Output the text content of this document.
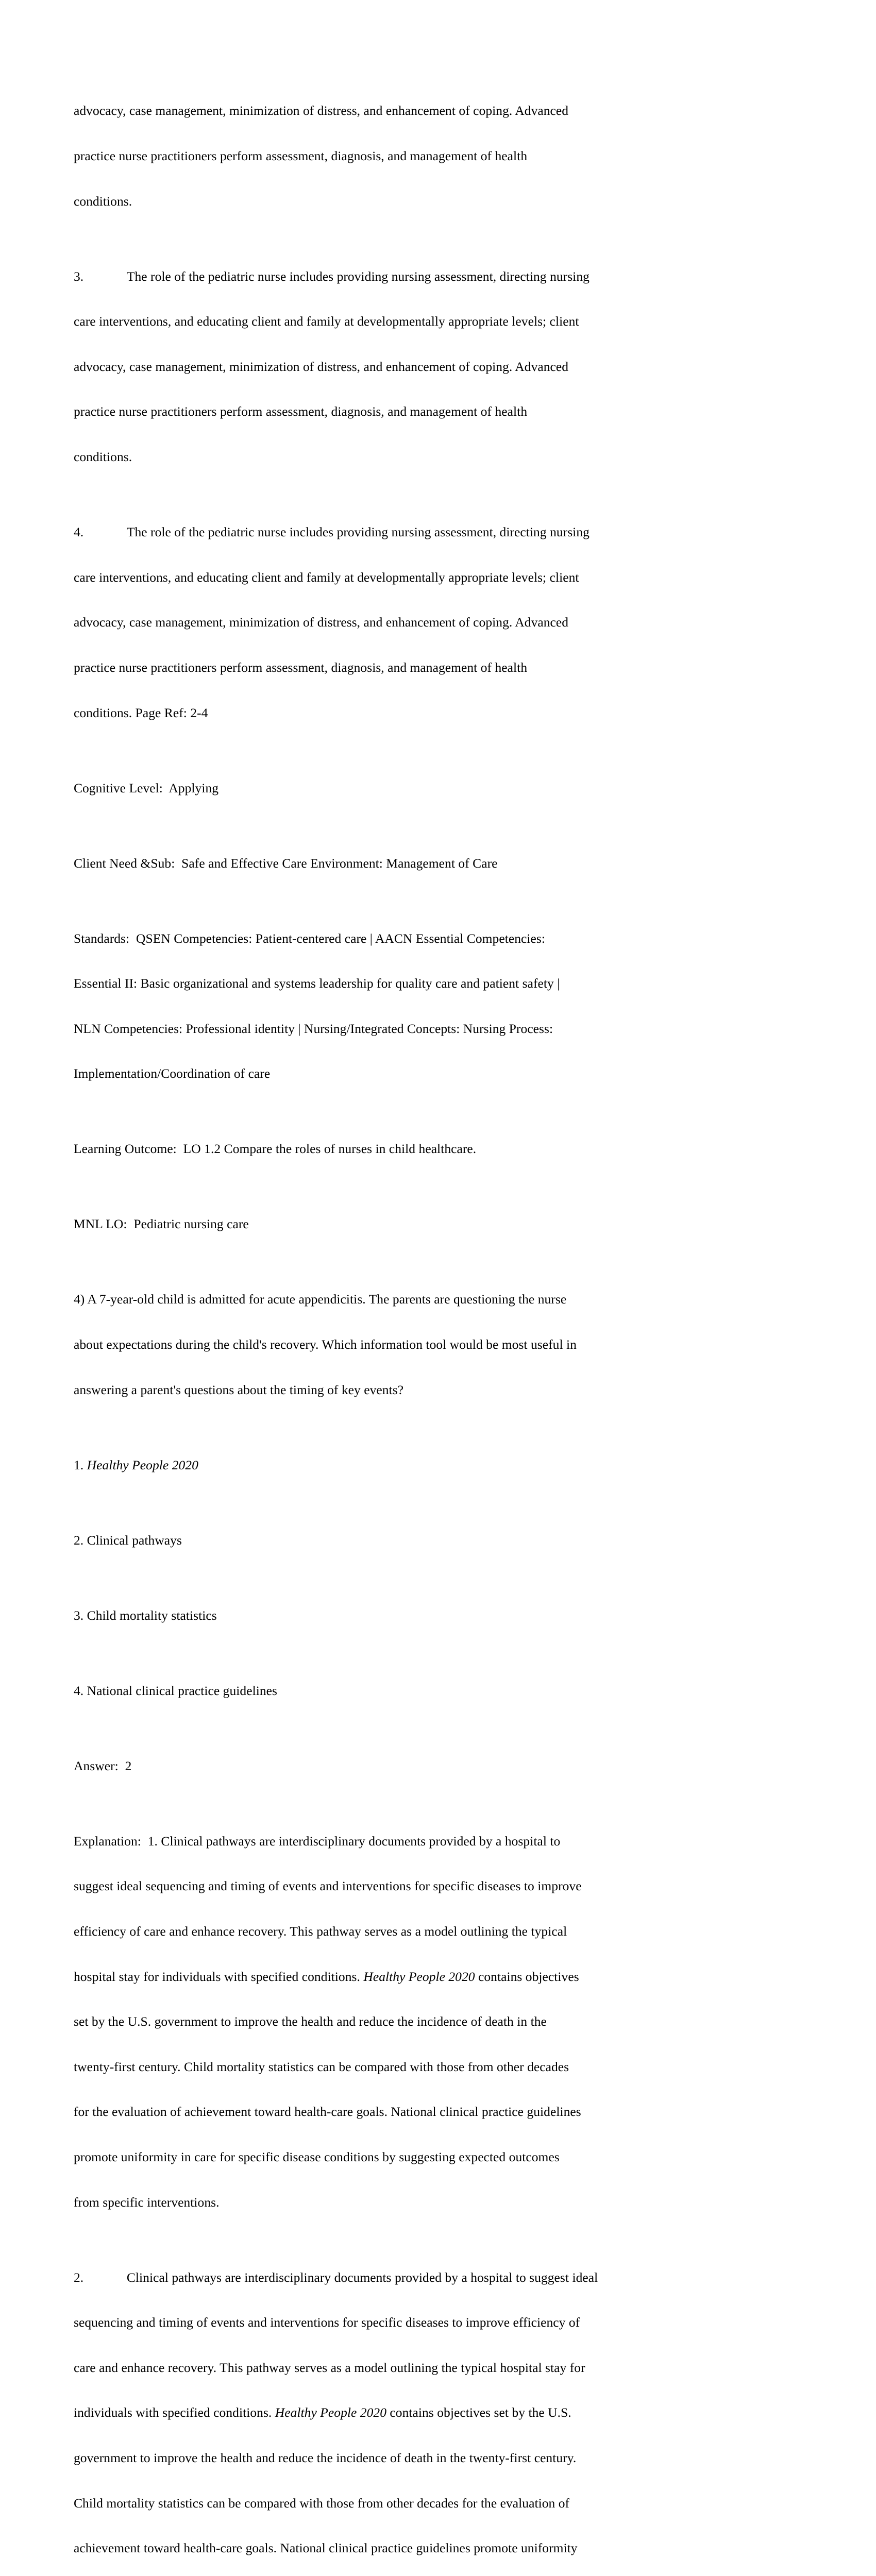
advocacy, case management, minimization of distress, and enhancement of coping. Advanced

practice nurse practitioners perform assessment, diagnosis, and management of health

conditions.

3.			The role of the pediatric nurse includes providing nursing assessment, directing nursing

care interventions, and educating client and family at developmentally appropriate levels; client

advocacy, case management, minimization of distress, and enhancement of coping. Advanced

practice nurse practitioners perform assessment, diagnosis, and management of health

conditions.

4.			The role of the pediatric nurse includes providing nursing assessment, directing nursing

care interventions, and educating client and family at developmentally appropriate levels; client

advocacy, case management, minimization of distress, and enhancement of coping. Advanced

practice nurse practitioners perform assessment, diagnosis, and management of health

conditions. Page Ref: 2-4

Cognitive Level:  Applying

Client Need &Sub:  Safe and Effective Care Environment: Management of Care

Standards:  QSEN Competencies: Patient-centered care | AACN Essential Competencies:

Essential II: Basic organizational and systems leadership for quality care and patient safety |

NLN Competencies: Professional identity | Nursing/Integrated Concepts: Nursing Process:

Implementation/Coordination of care

Learning Outcome:  LO 1.2 Compare the roles of nurses in child healthcare.

MNL LO:  Pediatric nursing care

4) A 7-year-old child is admitted for acute appendicitis. The parents are questioning the nurse

about expectations during the child's recovery. Which information tool would be most useful in

answering a parent's questions about the timing of key events?

1. Healthy People 2020

2. Clinical pathways

3. Child mortality statistics

4. National clinical practice guidelines

Answer:  2

Explanation:  1. Clinical pathways are interdisciplinary documents provided by a hospital to

suggest ideal sequencing and timing of events and interventions for specific diseases to improve

efficiency of care and enhance recovery. This pathway serves as a model outlining the typical

hospital stay for individuals with specified conditions. Healthy People 2020 contains objectives

set by the U.S. government to improve the health and reduce the incidence of death in the

twenty-first century. Child mortality statistics can be compared with those from other decades

for the evaluation of achievement toward health-care goals. National clinical practice guidelines

promote uniformity in care for specific disease conditions by suggesting expected outcomes

from specific interventions.

2.			Clinical pathways are interdisciplinary documents provided by a hospital to suggest ideal

sequencing and timing of events and interventions for specific diseases to improve efficiency of

care and enhance recovery. This pathway serves as a model outlining the typical hospital stay for

individuals with specified conditions. Healthy People 2020 contains objectives set by the U.S.

government to improve the health and reduce the incidence of death in the twenty-first century.

Child mortality statistics can be compared with those from other decades for the evaluation of

achievement toward health-care goals. National clinical practice guidelines promote uniformity
